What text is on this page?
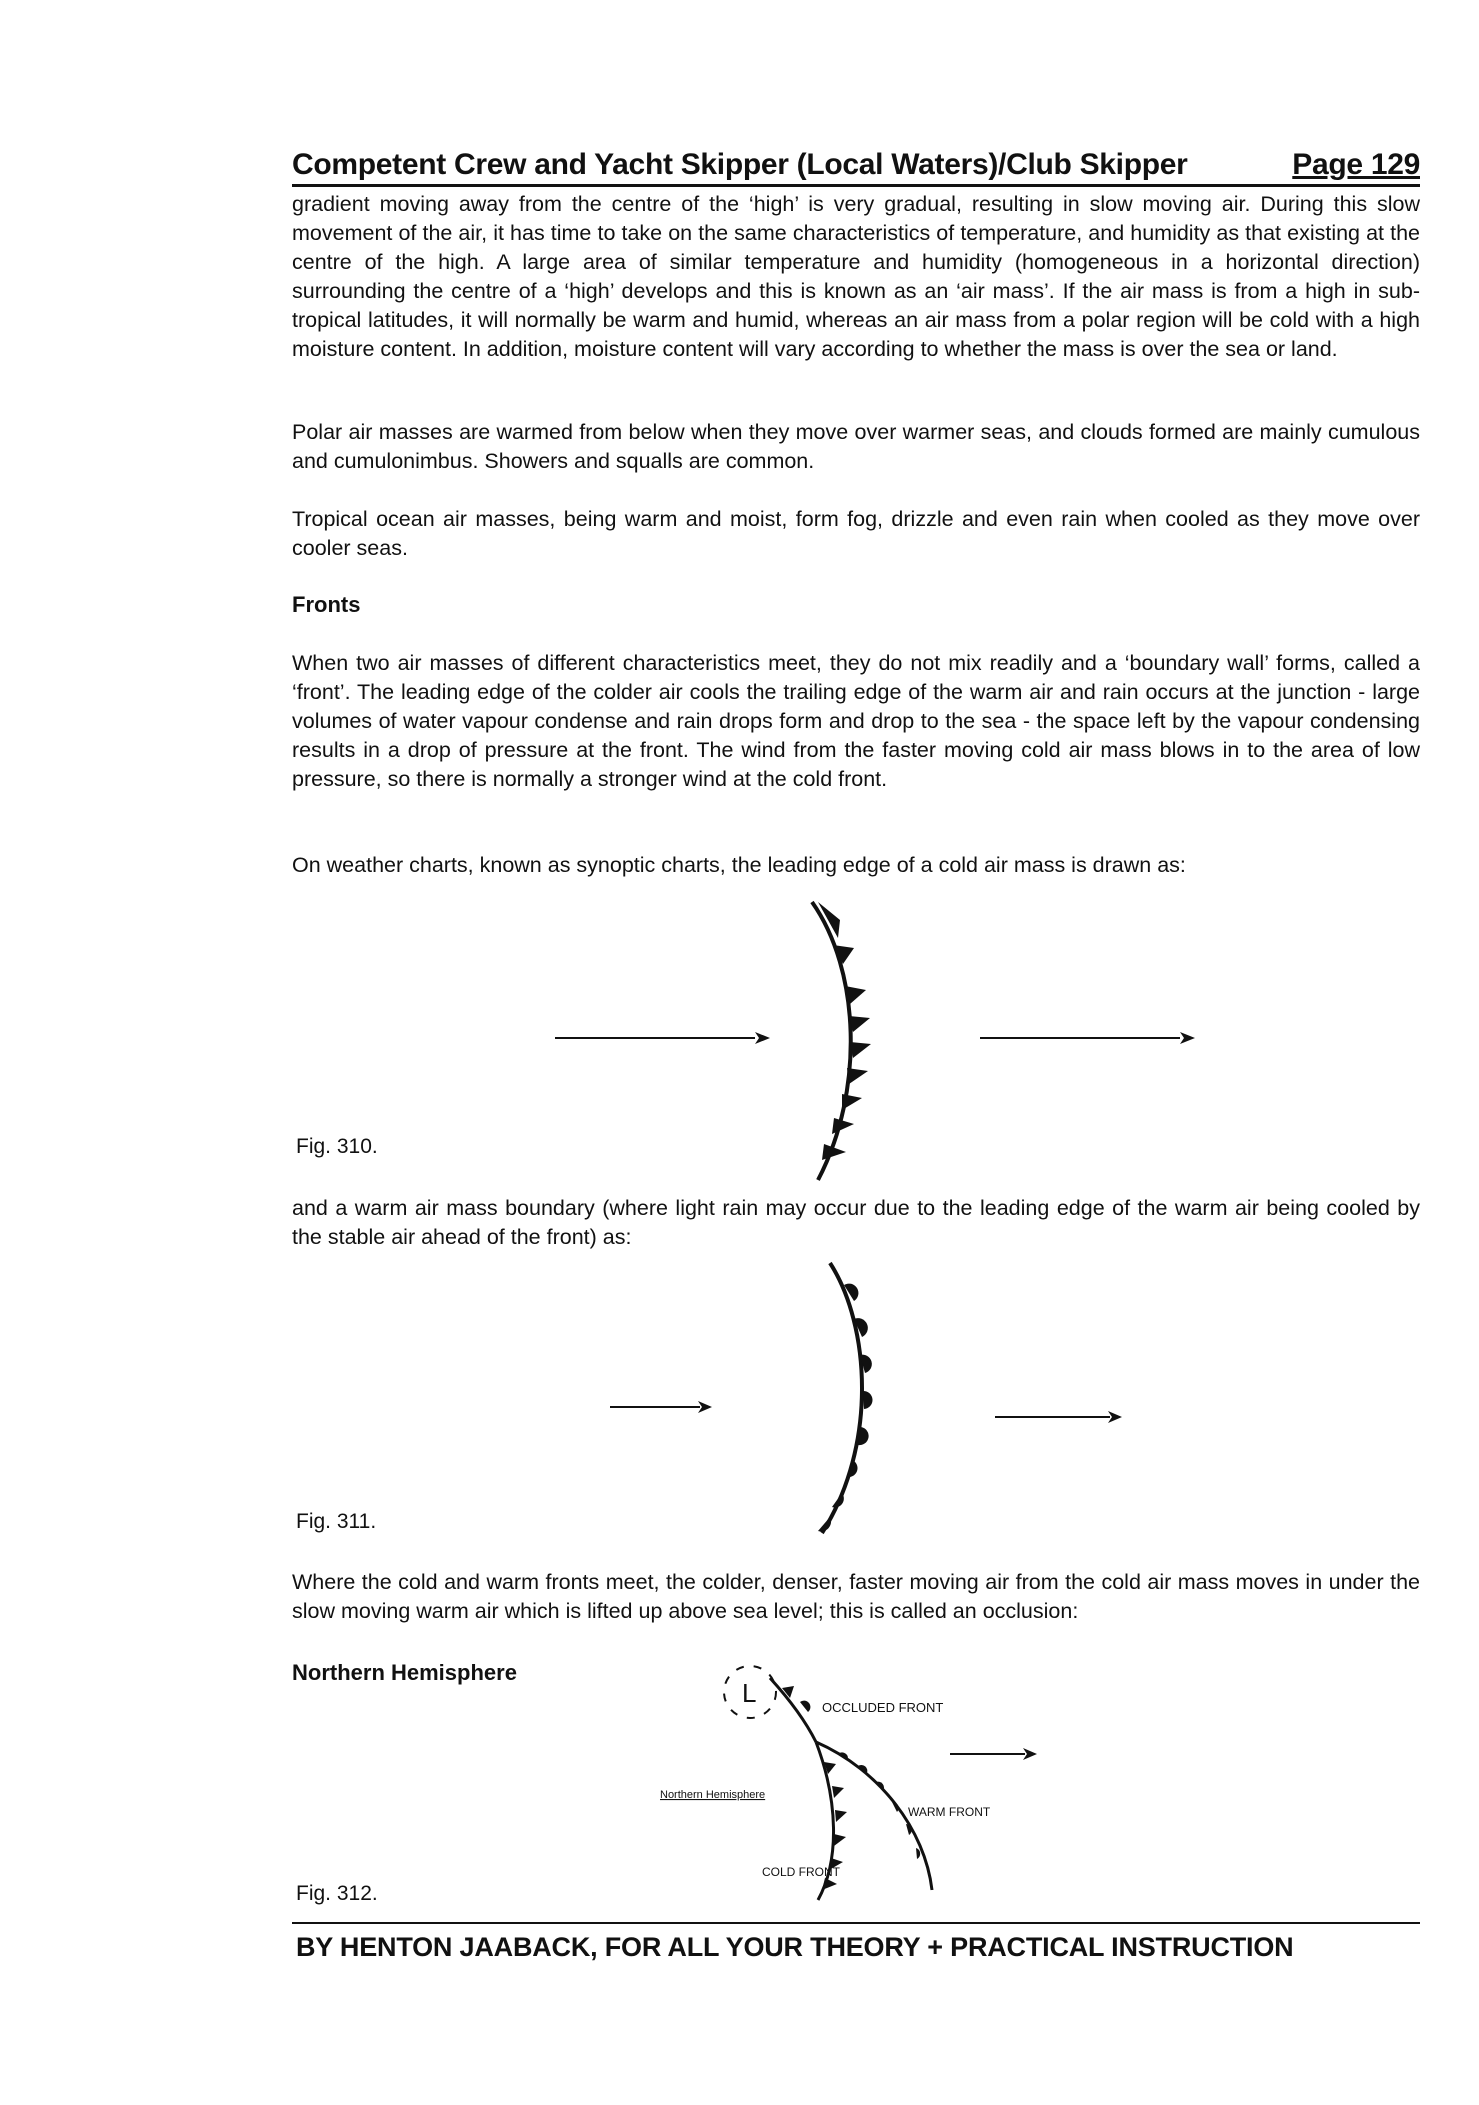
Competent Crew and Yacht Skipper (Local Waters)/Club Skipper	Page 129

gradient moving away from the centre of the ‘high’ is very gradual, resulting in slow moving air. During this slow movement of the air, it has time to take on the same characteristics of temperature, and humidity as that existing at the centre of the high. A large area of similar temperature and humidity (homogeneous in a horizontal direction) surrounding the centre of a ‘high’ develops and this is known as an ‘air mass’. If the air mass is from a high in sub-tropical latitudes, it will normally be warm and humid, whereas an air mass from a polar region will be cold with a high moisture content. In addition, moisture content will vary according to whether the mass is over the sea or land.

Polar air masses are warmed from below when they move over warmer seas, and clouds formed are mainly cumulous and cumulonimbus. Showers and squalls are common.

Tropical ocean air masses, being warm and moist, form fog, drizzle and even rain when cooled as they move over cooler seas.

Fronts

When two air masses of different characteristics meet, they do not mix readily and a ‘boundary wall’ forms, called a ‘front’. The leading edge of the colder air cools the trailing edge of the warm air and rain occurs at the junction - large volumes of water vapour condense and rain drops form and drop to the sea - the space left by the vapour condensing results in a drop of pressure at the front. The wind from the faster moving cold air mass blows in to the area of low pressure, so there is normally a stronger wind at the cold front.

On weather charts, known as synoptic charts, the leading edge of a cold air mass is drawn as:

Fig. 310.

and a warm air mass boundary (where light rain may occur due to the leading edge of the warm air being cooled by the stable air ahead of the front) as:

Fig. 311.

Where the cold and warm fronts meet, the colder, denser, faster moving air from the cold air mass moves in under the slow moving warm air which is lifted up above sea level; this is called an occlusion:

Northern Hemisphere

L	OCCLUDED FRONT
WARM FRONT
COLD FRONT
Northern Hemisphere
Fig. 312.
BY HENTON JAABACK, FOR ALL YOUR THEORY + PRACTICAL INSTRUCTION
